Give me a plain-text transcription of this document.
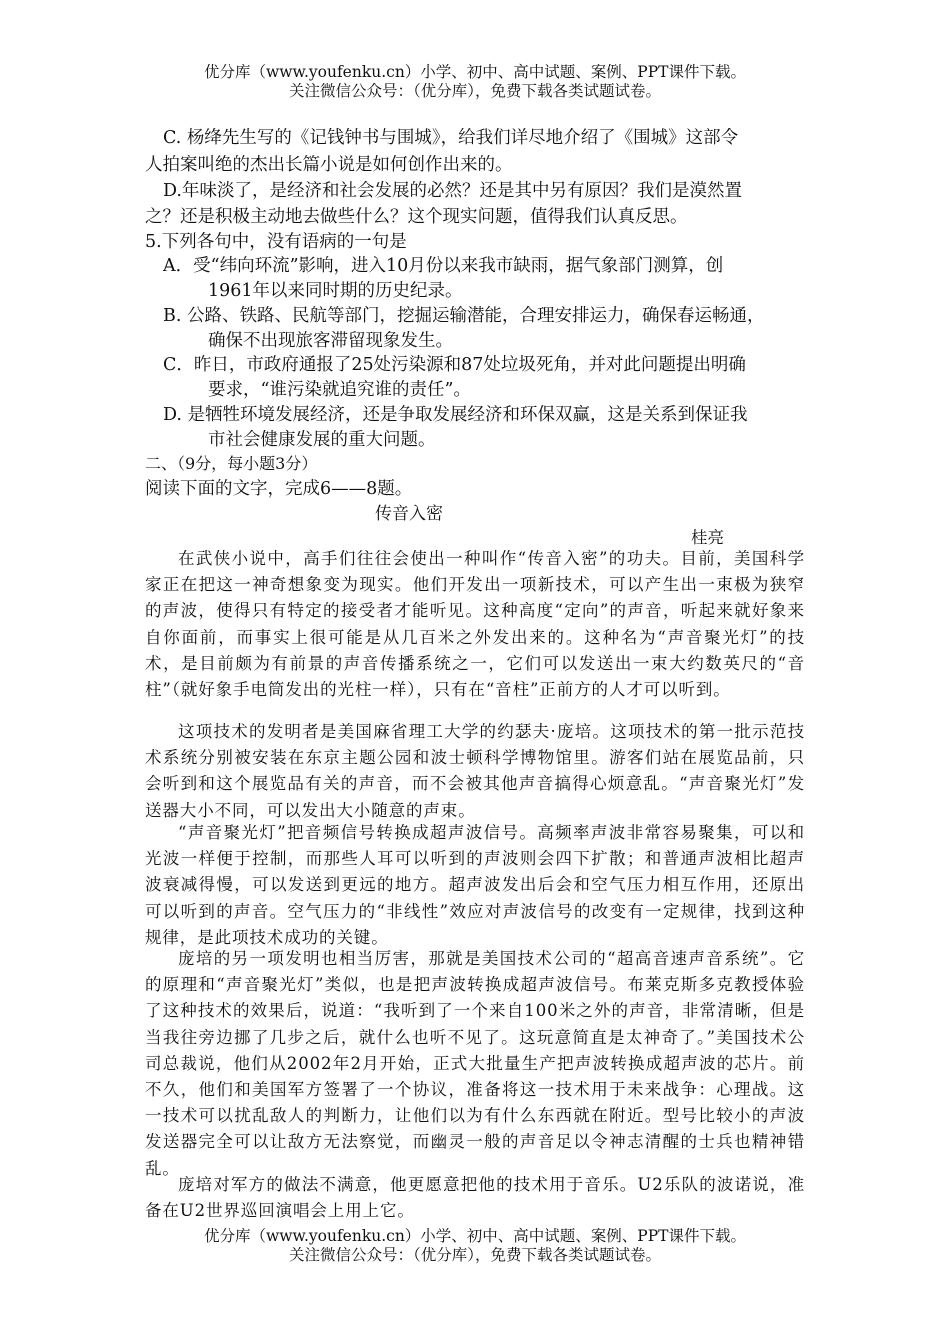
优分库（www.youfenku.cn）小学、初中、高中试题、案例、PPT课件下载。
关注微信公众号：（优分库），免费下载各类试题试卷。
C. 杨绛先生写的《记钱钟书与围城》，给我们详尽地介绍了《围城》这部令
人拍案叫绝的杰出长篇小说是如何创作出来的。
D.年味淡了，是经济和社会发展的必然？还是其中另有原因？我们是漠然置
之？还是积极主动地去做些什么？这个现实问题，值得我们认真反思。
5.下列各句中，没有语病的一句是
A．受“纬向环流”影响，进入10月份以来我市缺雨，据气象部门测算，创
1961年以来同时期的历史纪录。
B. 公路、铁路、民航等部门，挖掘运输潜能，合理安排运力，确保春运畅通，
确保不出现旅客滞留现象发生。
C．昨日，市政府通报了25处污染源和87处垃圾死角，并对此问题提出明确
要求，“谁污染就追究谁的责任”。
D. 是牺牲环境发展经济，还是争取发展经济和环保双赢，这是关系到保证我
市社会健康发展的重大问题。
二、（9分，每小题3分）
阅读下面的文字，完成6——8题。
传音入密
桂亮

在武侠小说中，高手们往往会使出一种叫作“传音入密”的功夫。目前，美国科学家正在把这一神奇想象变为现实。他们开发出一项新技术，可以产生出一束极为狭窄的声波，使得只有特定的接受者才能听见。这种高度“定向”的声音，听起来就好象来自你面前，而事实上很可能是从几百米之外发出来的。这种名为“声音聚光灯”的技术，是目前颇为有前景的声音传播系统之一，它们可以发送出一束大约数英尺的“音柱”（就好象手电筒发出的光柱一样），只有在“音柱”正前方的人才可以听到。

这项技术的发明者是美国麻省理工大学的约瑟夫·庞培。这项技术的第一批示范技术系统分别被安装在东京主题公园和波士顿科学博物馆里。游客们站在展览品前，只会听到和这个展览品有关的声音，而不会被其他声音搞得心烦意乱。“声音聚光灯”发送器大小不同，可以发出大小随意的声束。

“声音聚光灯”把音频信号转换成超声波信号。高频率声波非常容易聚集，可以和光波一样便于控制，而那些人耳可以听到的声波则会四下扩散；和普通声波相比超声波衰减得慢，可以发送到更远的地方。超声波发出后会和空气压力相互作用，还原出可以听到的声音。空气压力的“非线性”效应对声波信号的改变有一定规律，找到这种规律，是此项技术成功的关键。

庞培的另一项发明也相当厉害，那就是美国技术公司的“超高音速声音系统”。它的原理和“声音聚光灯”类似，也是把声波转换成超声波信号。布莱克斯多克教授体验了这种技术的效果后，说道：“我听到了一个来自100米之外的声音，非常清晰，但是当我往旁边挪了几步之后，就什么也听不见了。这玩意简直是太神奇了。”美国技术公司总裁说，他们从2002年2月开始，正式大批量生产把声波转换成超声波的芯片。前不久，他们和美国军方签署了一个协议，准备将这一技术用于未来战争：心理战。这一技术可以扰乱敌人的判断力，让他们以为有什么东西就在附近。型号比较小的声波发送器完全可以让敌方无法察觉，而幽灵一般的声音足以令神志清醒的士兵也精神错乱。

庞培对军方的做法不满意，他更愿意把他的技术用于音乐。U2乐队的波诺说，准备在U2世界巡回演唱会上用上它。

优分库（www.youfenku.cn）小学、初中、高中试题、案例、PPT课件下载。
关注微信公众号：（优分库），免费下载各类试题试卷。
